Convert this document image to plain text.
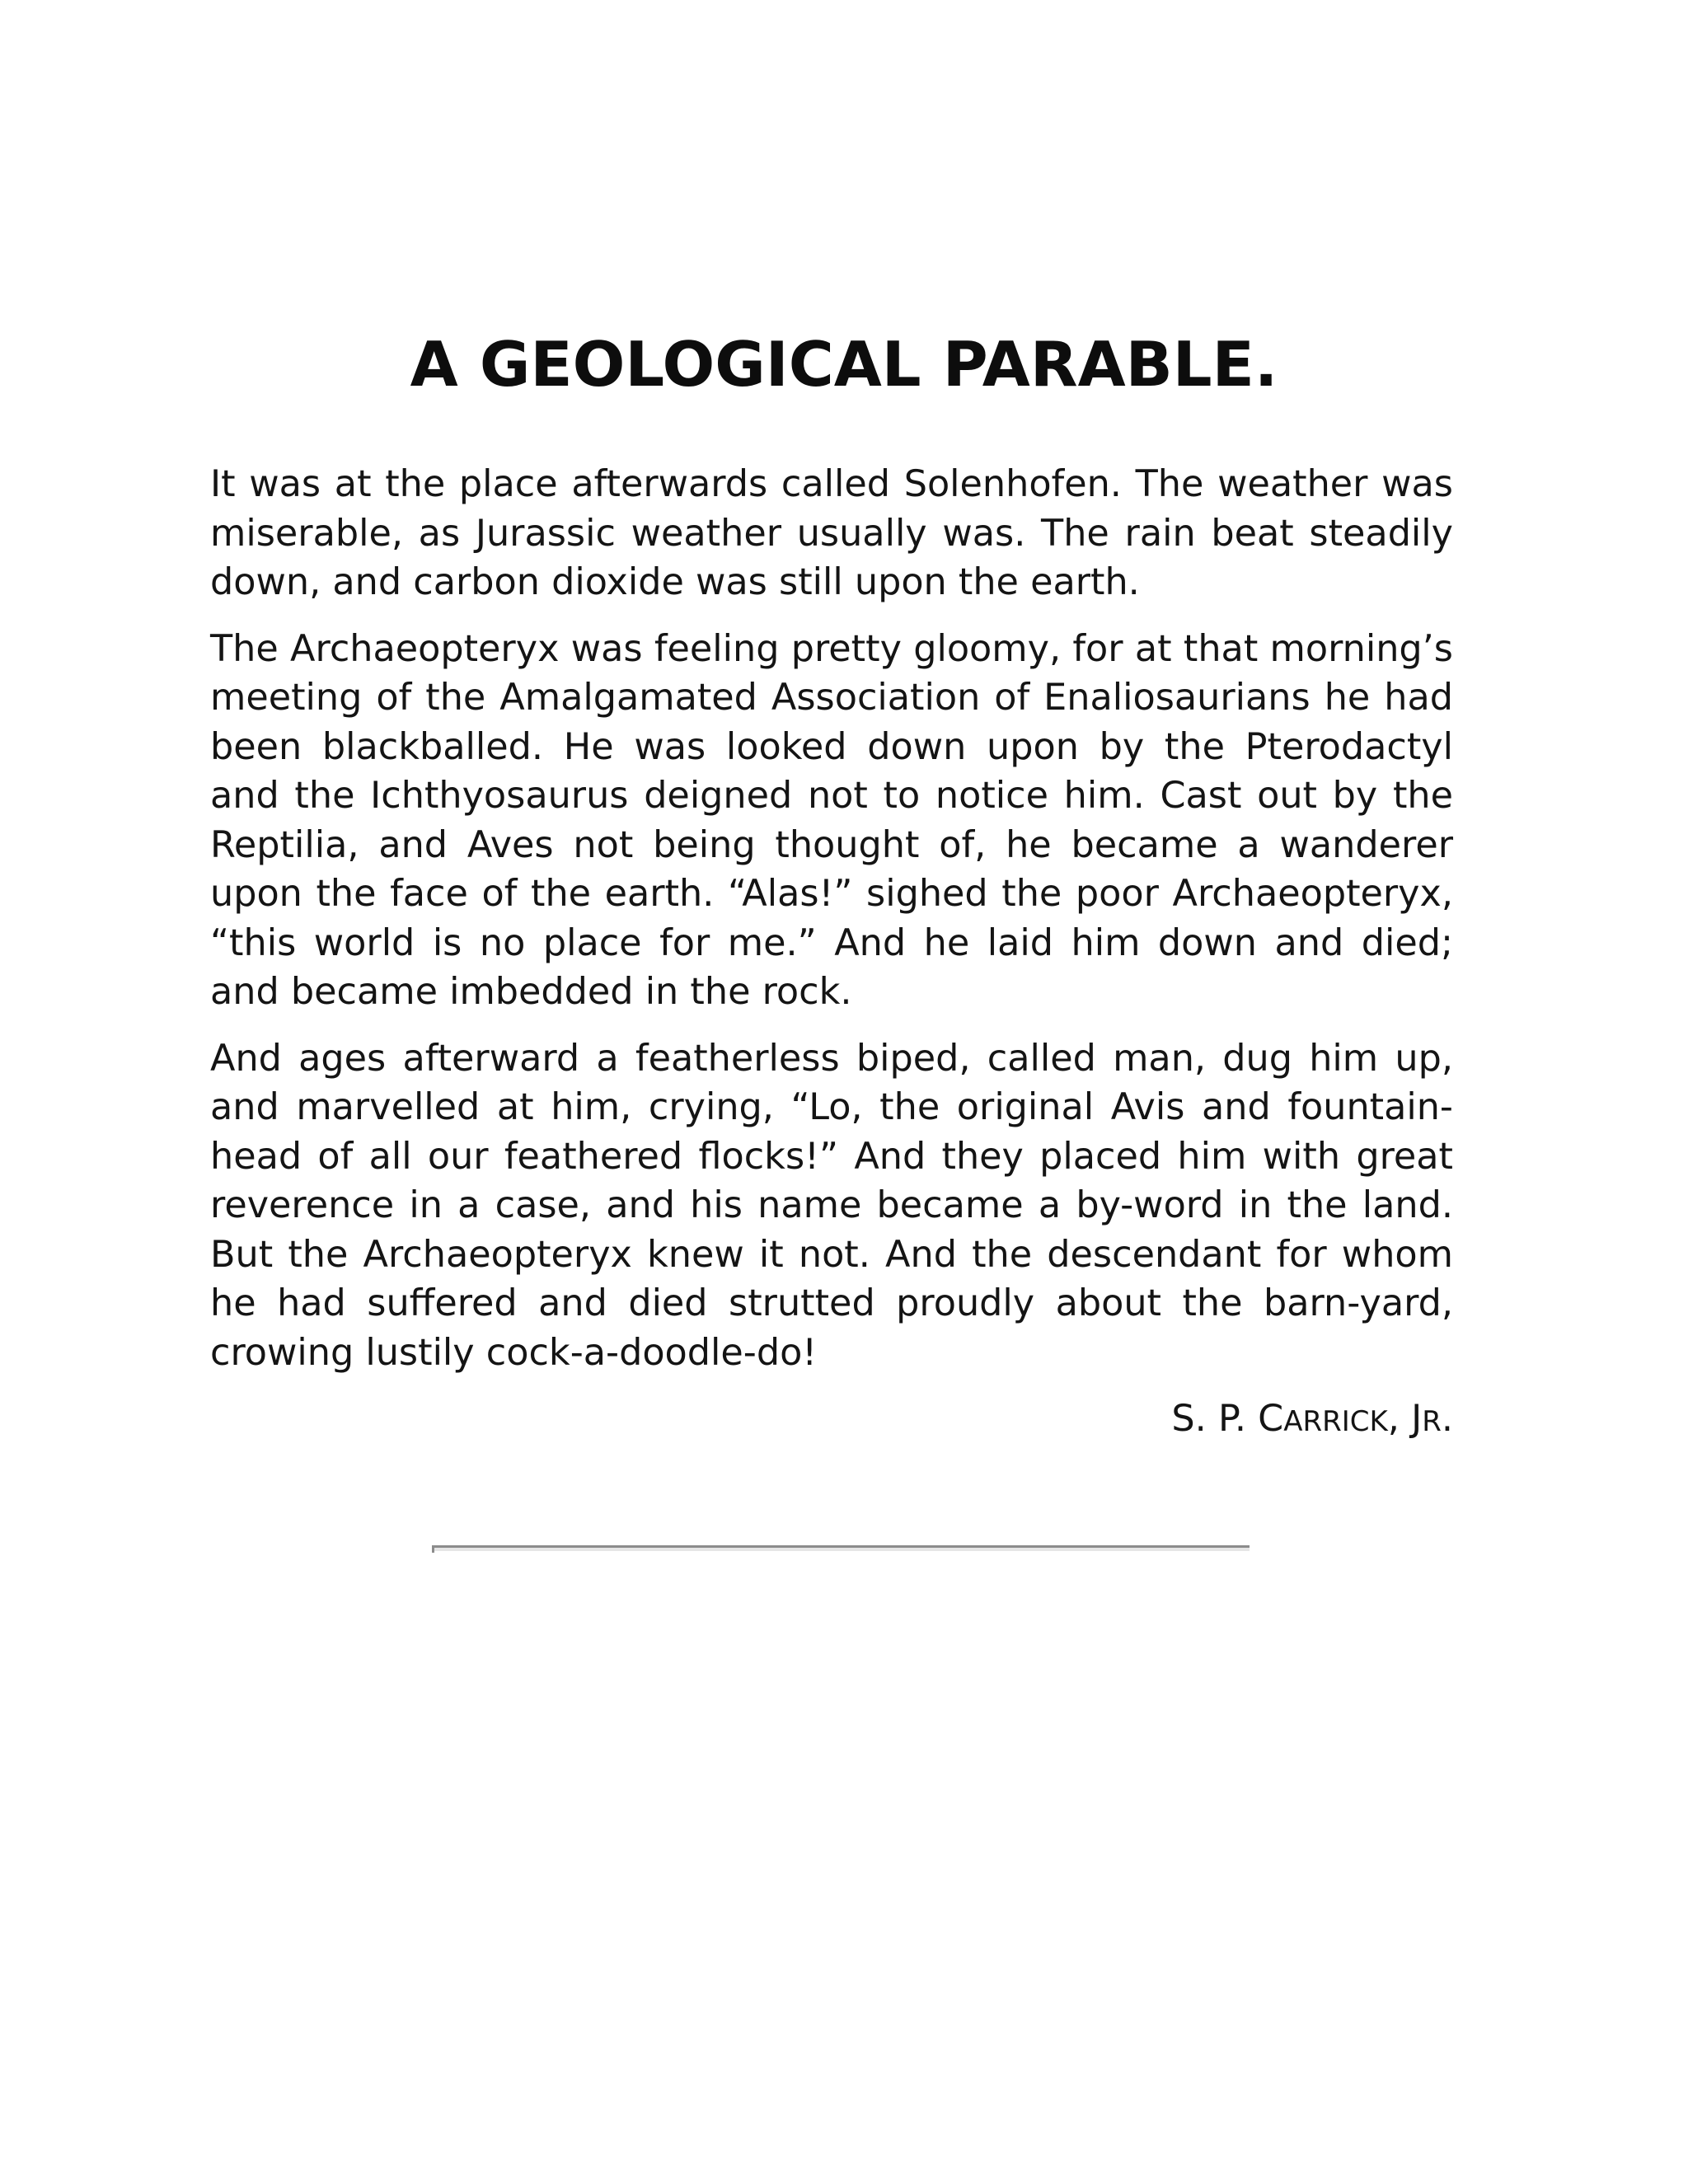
A GEOLOGICAL PARABLE.

It was at the place afterwards called Solenhofen. The weather was miserable, as Jurassic weather usually was. The rain beat steadily down, and carbon dioxide was still upon the earth.

The Archaeopteryx was feeling pretty gloomy, for at that morning’s meeting of the Amalgamated Association of Enaliosaurians he had been blackballed. He was looked down upon by the Pterodactyl and the Ichthyosaurus deigned not to notice him. Cast out by the Reptilia, and Aves not being thought of, he became a wanderer upon the face of the earth. “Alas!” sighed the poor Archaeopteryx, “this world is no place for me.” And he laid him down and died; and became imbedded in the rock.

And ages afterward a featherless biped, called man, dug him up, and marvelled at him, crying, “Lo, the original Avis and fountain-head of all our feathered flocks!” And they placed him with great reverence in a case, and his name became a by-word in the land. But the Archaeopteryx knew it not. And the descendant for whom he had suffered and died strutted proudly about the barn-yard, crowing lustily cock-a-doodle-do!

S. P. CARRICK, JR.
